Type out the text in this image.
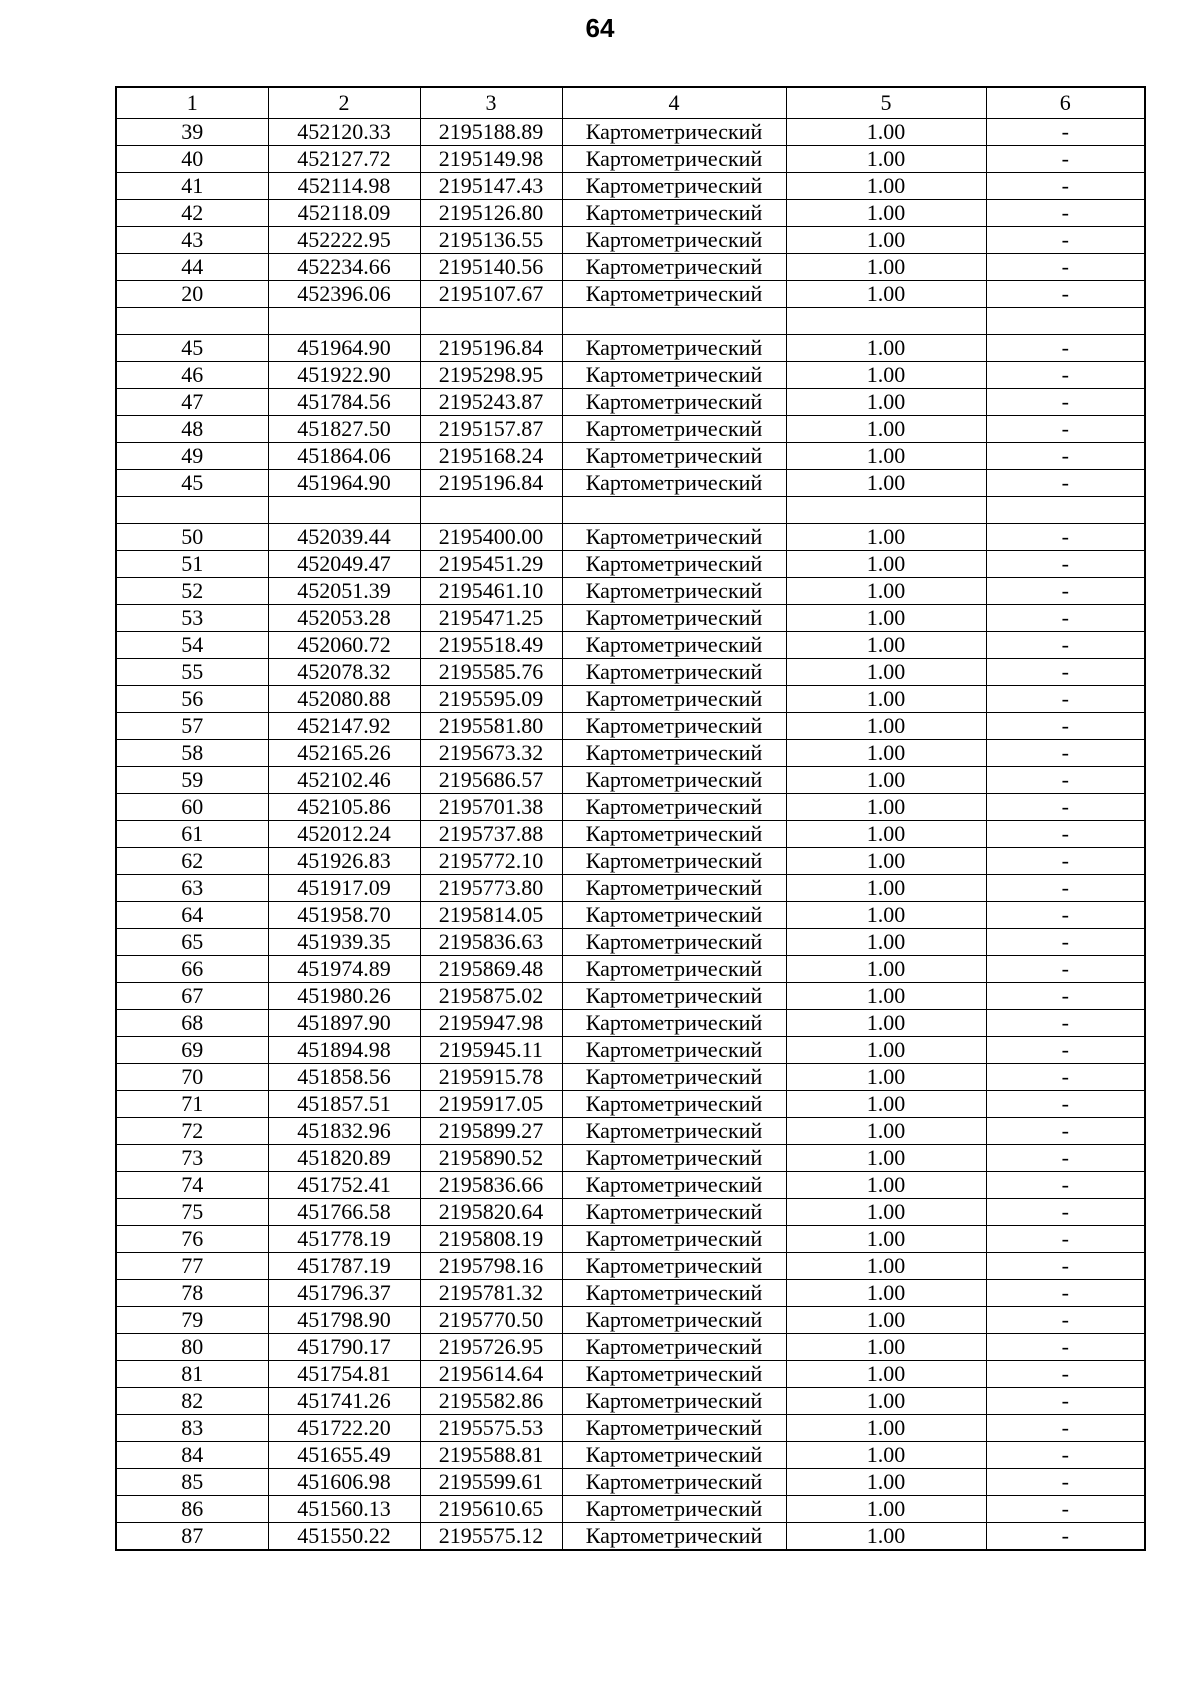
64
1	2	3	4	5	6
39	452120.33	2195188.89	Картометрический	1.00	-
40	452127.72	2195149.98	Картометрический	1.00	-
41	452114.98	2195147.43	Картометрический	1.00	-
42	452118.09	2195126.80	Картометрический	1.00	-
43	452222.95	2195136.55	Картометрический	1.00	-
44	452234.66	2195140.56	Картометрический	1.00	-
20	452396.06	2195107.67	Картометрический	1.00	-

45	451964.90	2195196.84	Картометрический	1.00	-
46	451922.90	2195298.95	Картометрический	1.00	-
47	451784.56	2195243.87	Картометрический	1.00	-
48	451827.50	2195157.87	Картометрический	1.00	-
49	451864.06	2195168.24	Картометрический	1.00	-
45	451964.90	2195196.84	Картометрический	1.00	-

50	452039.44	2195400.00	Картометрический	1.00	-
51	452049.47	2195451.29	Картометрический	1.00	-
52	452051.39	2195461.10	Картометрический	1.00	-
53	452053.28	2195471.25	Картометрический	1.00	-
54	452060.72	2195518.49	Картометрический	1.00	-
55	452078.32	2195585.76	Картометрический	1.00	-
56	452080.88	2195595.09	Картометрический	1.00	-
57	452147.92	2195581.80	Картометрический	1.00	-
58	452165.26	2195673.32	Картометрический	1.00	-
59	452102.46	2195686.57	Картометрический	1.00	-
60	452105.86	2195701.38	Картометрический	1.00	-
61	452012.24	2195737.88	Картометрический	1.00	-
62	451926.83	2195772.10	Картометрический	1.00	-
63	451917.09	2195773.80	Картометрический	1.00	-
64	451958.70	2195814.05	Картометрический	1.00	-
65	451939.35	2195836.63	Картометрический	1.00	-
66	451974.89	2195869.48	Картометрический	1.00	-
67	451980.26	2195875.02	Картометрический	1.00	-
68	451897.90	2195947.98	Картометрический	1.00	-
69	451894.98	2195945.11	Картометрический	1.00	-
70	451858.56	2195915.78	Картометрический	1.00	-
71	451857.51	2195917.05	Картометрический	1.00	-
72	451832.96	2195899.27	Картометрический	1.00	-
73	451820.89	2195890.52	Картометрический	1.00	-
74	451752.41	2195836.66	Картометрический	1.00	-
75	451766.58	2195820.64	Картометрический	1.00	-
76	451778.19	2195808.19	Картометрический	1.00	-
77	451787.19	2195798.16	Картометрический	1.00	-
78	451796.37	2195781.32	Картометрический	1.00	-
79	451798.90	2195770.50	Картометрический	1.00	-
80	451790.17	2195726.95	Картометрический	1.00	-
81	451754.81	2195614.64	Картометрический	1.00	-
82	451741.26	2195582.86	Картометрический	1.00	-
83	451722.20	2195575.53	Картометрический	1.00	-
84	451655.49	2195588.81	Картометрический	1.00	-
85	451606.98	2195599.61	Картометрический	1.00	-
86	451560.13	2195610.65	Картометрический	1.00	-
87	451550.22	2195575.12	Картометрический	1.00	-
